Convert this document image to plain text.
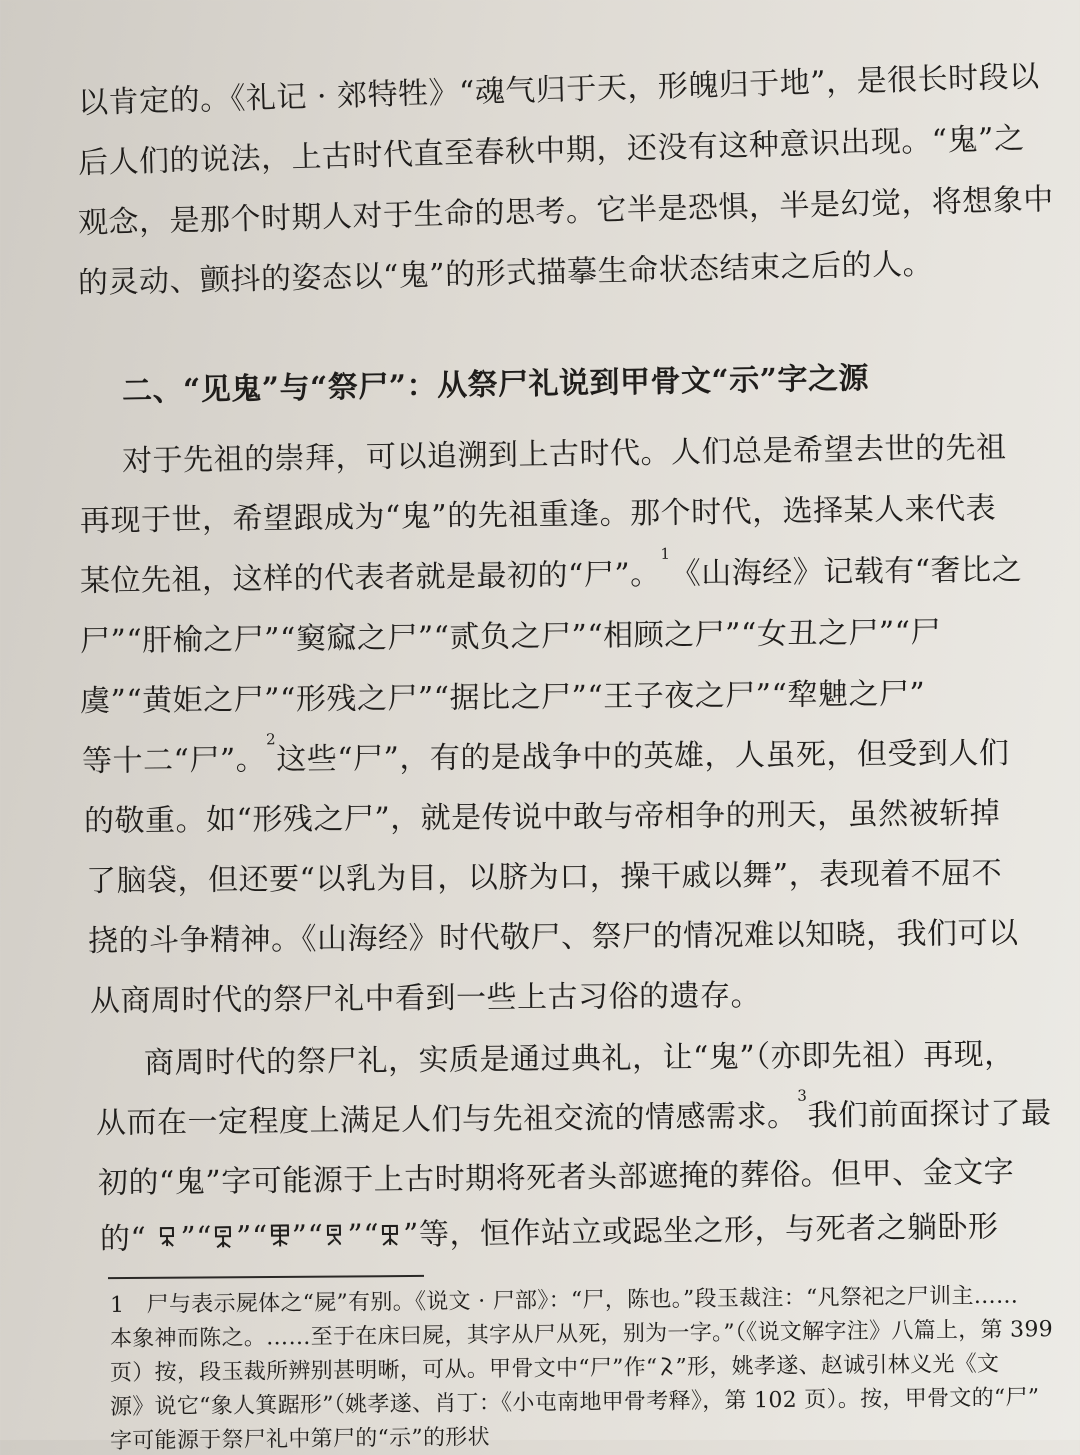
以肯定的。《礼记 · 郊特牲》“魂气归于天，形魄归于地”，是很长时段以
后人们的说法，上古时代直至春秋中期，还没有这种意识出现。“鬼”之
观念，是那个时期人对于生命的思考。它半是恐惧，半是幻觉，将想象中
的灵动、颤抖的姿态以“鬼”的形式描摹生命状态结束之后的人。
二、“见鬼”与“祭尸”：从祭尸礼说到甲骨文“示”字之源
对于先祖的崇拜，可以追溯到上古时代。人们总是希望去世的先祖
再现于世，希望跟成为“鬼”的先祖重逢。那个时代，选择某人来代表
某位先祖，这样的代表者就是最初的“尸”。$^1$《山海经》记载有“奢比之
尸”“肝榆之尸”“窫窳之尸”“贰负之尸”“相顾之尸”“女丑之尸”“尸
虞”“黄姖之尸”“形残之尸”“据比之尸”“王子夜之尸”“犂䰠之尸”
等十二“尸”。$^2$这些“尸”，有的是战争中的英雄，人虽死，但受到人们
的敬重。如“形残之尸”，就是传说中敢与帝相争的刑天，虽然被斩掉
了脑袋，但还要“以乳为目，以脐为口，操干戚以舞”，表现着不屈不
挠的斗争精神。《山海经》时代敬尸、祭尸的情况难以知晓，我们可以
从商周时代的祭尸礼中看到一些上古习俗的遗存。
商周时代的祭尸礼，实质是通过典礼，让“鬼”（亦即先祖）再现，
从而在一定程度上满足人们与先祖交流的情感需求。$^3$我们前面探讨了最
初的“鬼”字可能源于上古时期将死者头部遮掩的葬俗。但甲、金文字
的“ ”“ ”“ ”“ ”“ ”等，恒作站立或跽坐之形，与死者之躺卧形
1　尸与表示屍体之“屍”有别。《说文 · 尸部》：“尸，陈也。”段玉裁注：“凡祭祀之尸训主……
本象神而陈之。……至于在床曰屍，其字从尸从死，别为一字。”（《说文解字注》八篇上，第 399
页）按，段玉裁所辨别甚明晰，可从。甲骨文中“尸”作“ ”形，姚孝遂、赵诚引林义光《文
源》说它“象人箕踞形”（姚孝遂、肖丁：《小屯南地甲骨考释》，第 102 页）。按，甲骨文的“尸”
字可能源于祭尸礼中第尸的“示”的形状
